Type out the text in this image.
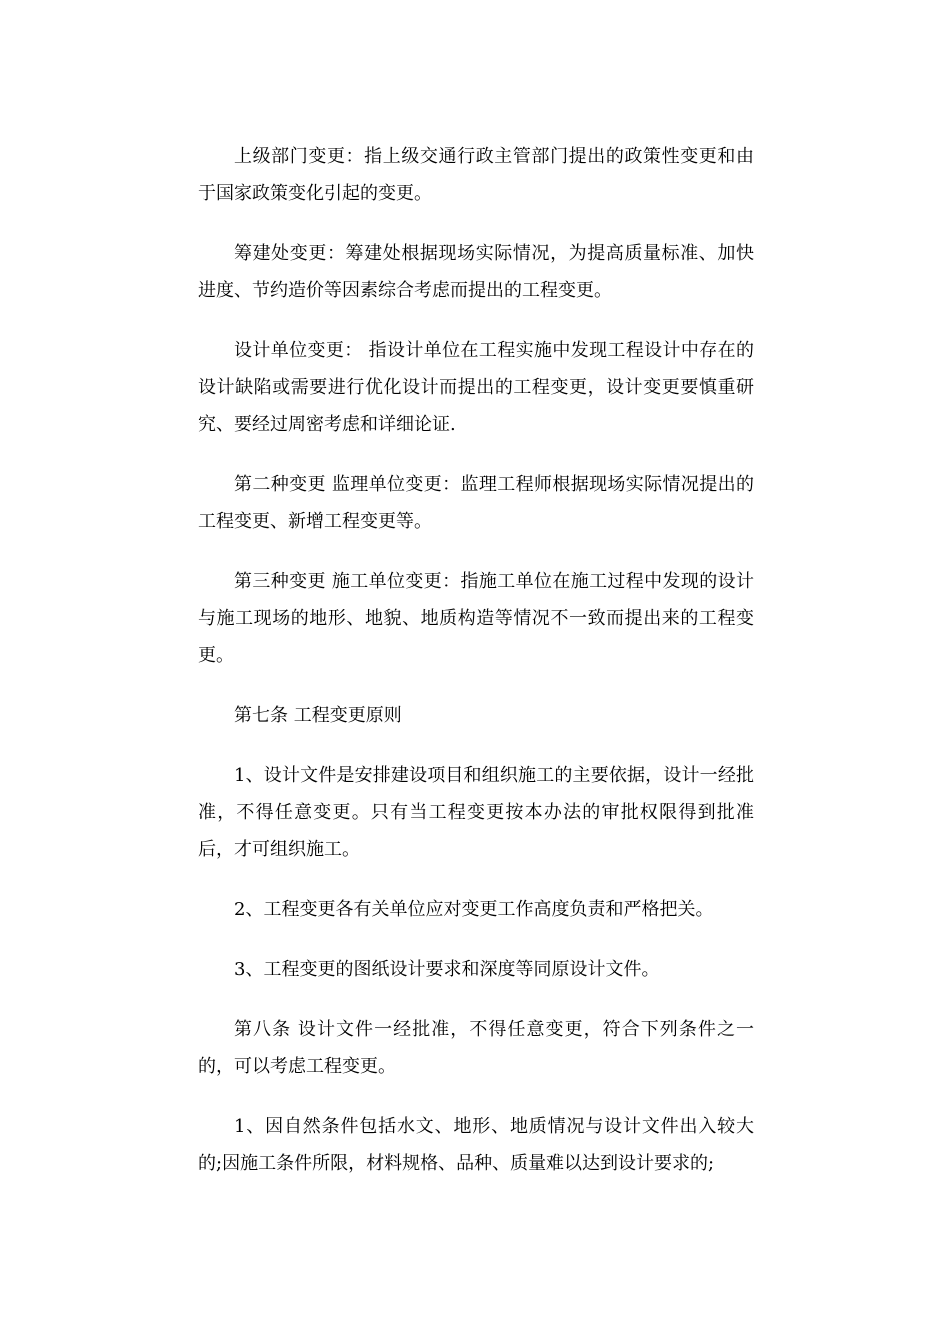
上级部门变更：指上级交通行政主管部门提出的政策性变更和由于国家政策变化引起的变更。

筹建处变更：筹建处根据现场实际情况，为提高质量标准、加快进度、节约造价等因素综合考虑而提出的工程变更。

设计单位变更： 指设计单位在工程实施中发现工程设计中存在的设计缺陷或需要进行优化设计而提出的工程变更，设计变更要慎重研究、要经过周密考虑和详细论证.

第二种变更 监理单位变更：监理工程师根据现场实际情况提出的工程变更、新增工程变更等。

第三种变更 施工单位变更：指施工单位在施工过程中发现的设计与施工现场的地形、地貌、地质构造等情况不一致而提出来的工程变更。

第七条 工程变更原则

1、设计文件是安排建设项目和组织施工的主要依据，设计一经批准，不得任意变更。只有当工程变更按本办法的审批权限得到批准后，才可组织施工。

2、工程变更各有关单位应对变更工作高度负责和严格把关。

3、工程变更的图纸设计要求和深度等同原设计文件。

第八条 设计文件一经批准，不得任意变更，符合下列条件之一的，可以考虑工程变更。

1、因自然条件包括水文、地形、地质情况与设计文件出入较大的;因施工条件所限，材料规格、品种、质量难以达到设计要求的;
